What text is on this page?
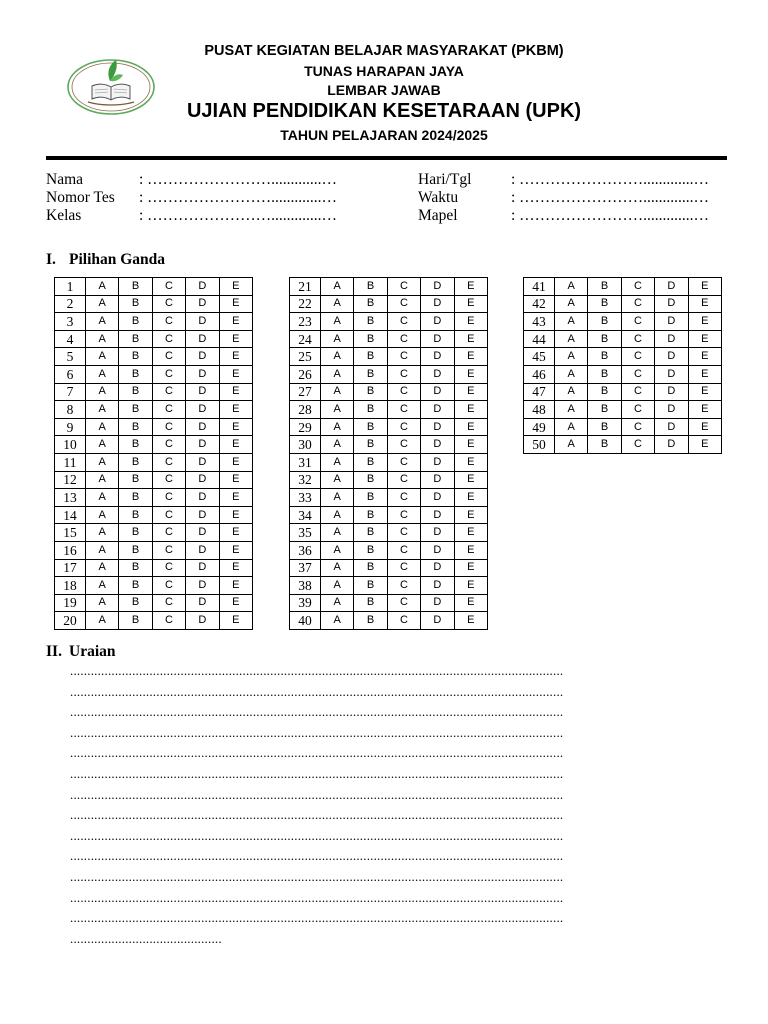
PUSAT KEGIATAN BELAJAR MASYARAKAT (PKBM)
TUNAS HARAPAN JAYA
LEMBAR JAWAB
UJIAN PENDIDIKAN KESETARAAN (UPK)
TAHUN PELAJARAN 2024/2025
Nama	: …………………….............…
Nomor Tes : …………………….............…
Kelas	: …………………….............…
Hari/Tgl	: …………………….............…
Waktu	: …………………….............…
Mapel	: …………………….............…
I. Pilihan Ganda
1	A	B	C	D	E
2	A	B	C	D	E
3	A	B	C	D	E
4	A	B	C	D	E
5	A	B	C	D	E
6	A	B	C	D	E
7	A	B	C	D	E
8	A	B	C	D	E
9	A	B	C	D	E
10	A	B	C	D	E
11	A	B	C	D	E
12	A	B	C	D	E
13	A	B	C	D	E
14	A	B	C	D	E
15	A	B	C	D	E
16	A	B	C	D	E
17	A	B	C	D	E
18	A	B	C	D	E
19	A	B	C	D	E
20	A	B	C	D	E
21	A	B	C	D	E
22	A	B	C	D	E
23	A	B	C	D	E
24	A	B	C	D	E
25	A	B	C	D	E
26	A	B	C	D	E
27	A	B	C	D	E
28	A	B	C	D	E
29	A	B	C	D	E
30	A	B	C	D	E
31	A	B	C	D	E
32	A	B	C	D	E
33	A	B	C	D	E
34	A	B	C	D	E
35	A	B	C	D	E
36	A	B	C	D	E
37	A	B	C	D	E
38	A	B	C	D	E
39	A	B	C	D	E
40	A	B	C	D	E
41	A	B	C	D	E
42	A	B	C	D	E
43	A	B	C	D	E
44	A	B	C	D	E
45	A	B	C	D	E
46	A	B	C	D	E
47	A	B	C	D	E
48	A	B	C	D	E
49	A	B	C	D	E
50	A	B	C	D	E
II. Uraian
...............................................................................................................................................
...............................................................................................................................................
...............................................................................................................................................
...............................................................................................................................................
...............................................................................................................................................
...............................................................................................................................................
...............................................................................................................................................
...............................................................................................................................................
...............................................................................................................................................
...............................................................................................................................................
...............................................................................................................................................
...............................................................................................................................................
...............................................................................................................................................
............................................
